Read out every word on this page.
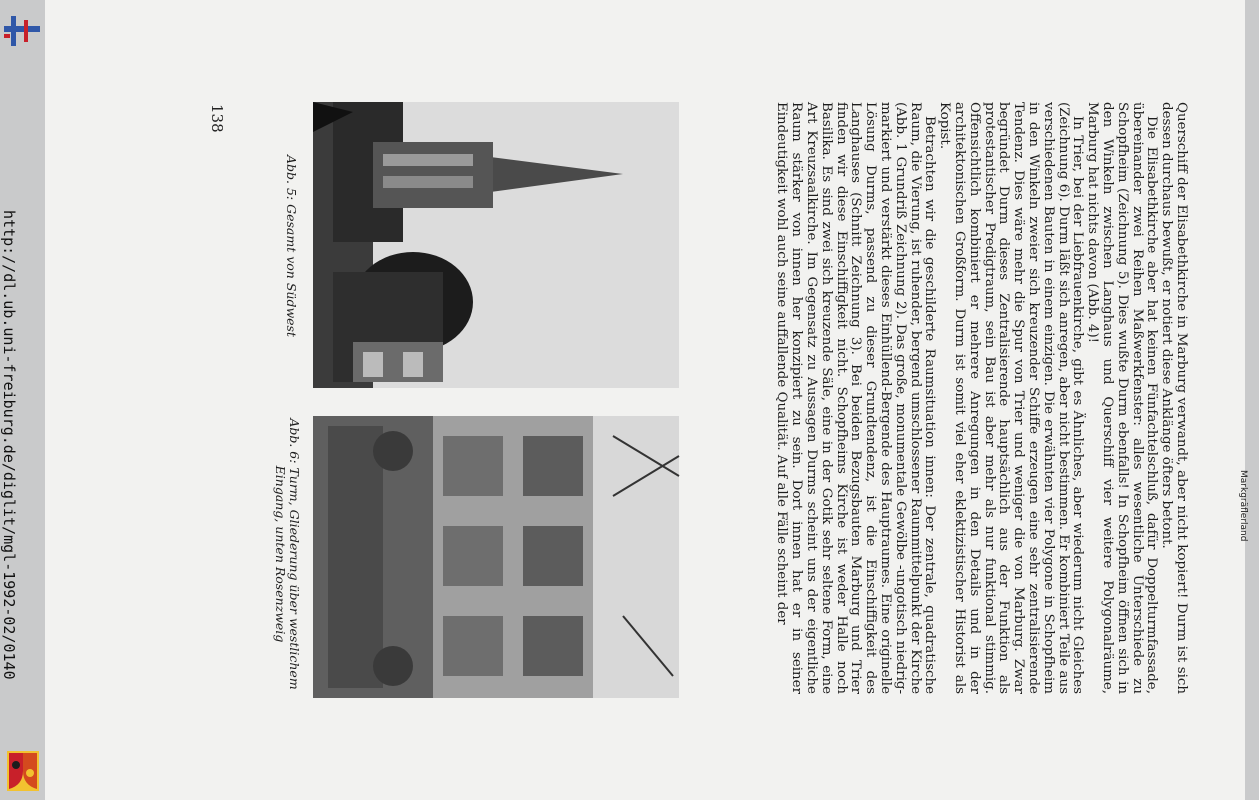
http://dl.ub.uni-freiburg.de/diglit/mgl-1992-02/0140
138	Querschiff der Elisabethkirche in Marburg verwandt, aber nicht kopiert! Durm ist sich dessen durchaus bewußt, er notiert diese Anklänge öfters betont.

Die Elisabethkirche aber hat keinen Fünfachtelschluß, dafür Doppelturmfassade, übereinander zwei Reihen Maßwerkfenster: alles wesentliche Unterschiede zu Schopfheim (Zeichnung 5). Dies wußte Durm ebenfalls! In Schopfheim öffnen sich in den Winkeln zwischen Langhaus und Querschiff vier weitere Polygonalräume, Marburg hat nichts davon (Abb. 4)!

In Trier, bei der Liebfrauenkirche, gibt es Ähnliches, aber wiederum nicht Gleiches (Zeichnung 6). Durm läßt sich anregen, aber nicht bestimmen. Er kombiniert Teile aus verschiedenen Bauten in einem einzigen. Die erwähnten vier Polygone in Schopfheim in den Winkeln zweier sich kreuzender Schiffe erzeugen eine sehr zentralisierende Tendenz. Dies wäre mehr die Spur von Trier und weniger die von Marburg. Zwar begründet Durm dieses Zentralisierende hauptsächlich aus der Funktion als protestantischer Predigtraum, sein Bau ist aber mehr als nur funktional stimmig. Offensichtlich kombiniert er mehrere Anregungen in den Details und in der architektonischen Großform. Durm ist somit viel eher eklektizistischer Historist als Kopist.

Betrachten wir die geschilderte Raumsituation innen: Der zentrale, quadratische Raum, die Vierung, ist ruhender, bergend umschlossener Raummittelpunkt der Kirche (Abb. 1 Grundriß Zeichnung 2). Das große, monumentale Gewölbe -ungotisch niedrig- markiert und verstärkt dieses Einhüllend-Bergende des Hauptraumes. Eine originelle Lösung Durms, passend zu dieser Grundtendenz, ist die Einschiffigkeit des Langhauses (Schnitt Zeichnung 3). Bei beiden Bezugsbauten Marburg und Trier finden wir diese Einschiffigkeit nicht. Schopfheims Kirche ist weder Halle noch Basilika. Es sind zwei sich kreuzende Säle, eine in der Gotik sehr seltene Form, eine Art Kreuzsaalkirche. Im Gegensatz zu Aussagen Durms scheint uns der eigentliche Raum stärker von innen her konzipiert zu sein. Dort innen hat er in seiner Eindeutigkeit wohl auch seine auffallende Qualität. Auf alle Fälle scheint der

Abb. 5: Gesamt von Südwest
Abb. 6: Turm, Gliederung über westlichem Eingang, unten Rosenzweig	Markgräflerland
